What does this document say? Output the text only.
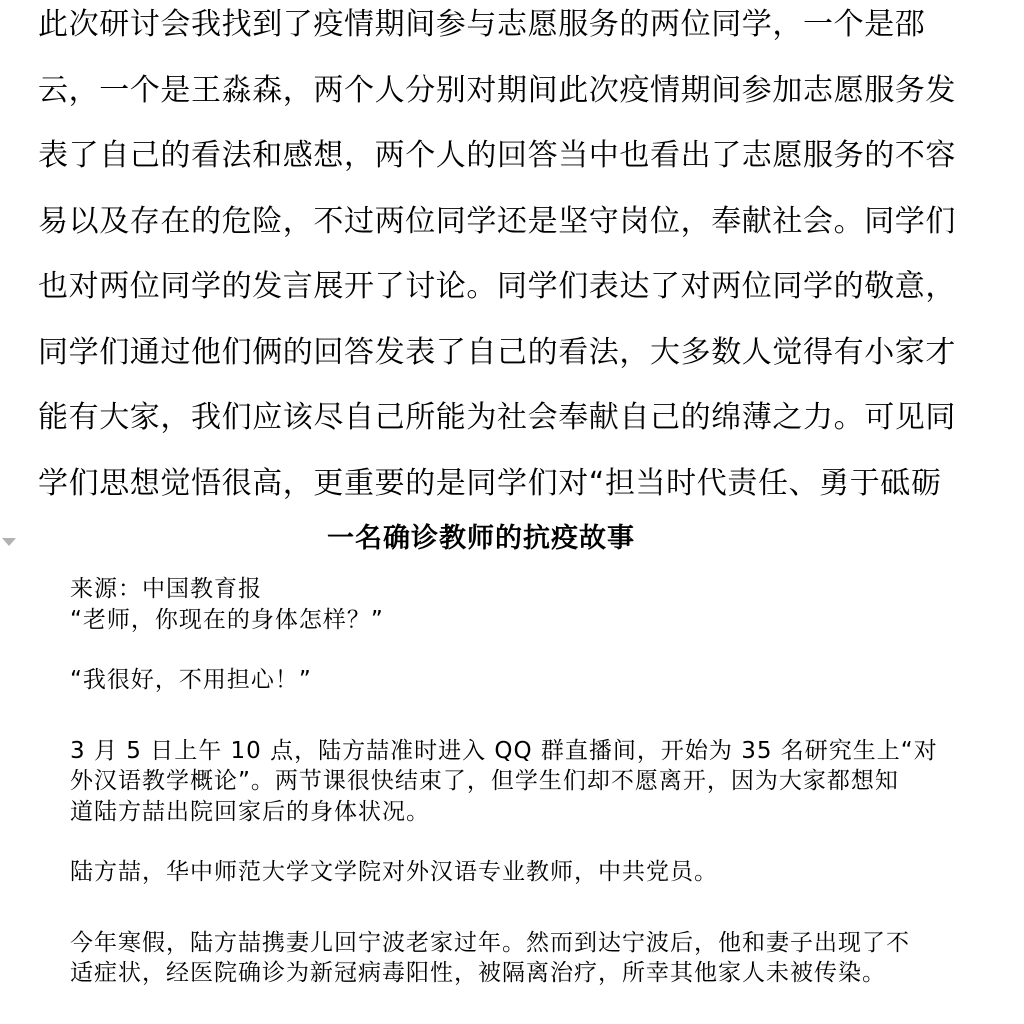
此次研讨会我找到了疫情期间参与志愿服务的两位同学，一个是邵
云，一个是王淼森，两个人分别对期间此次疫情期间参加志愿服务发
表了自己的看法和感想，两个人的回答当中也看出了志愿服务的不容
易以及存在的危险，不过两位同学还是坚守岗位，奉献社会。同学们
也对两位同学的发言展开了讨论。同学们表达了对两位同学的敬意，
同学们通过他们俩的回答发表了自己的看法，大多数人觉得有小家才
能有大家，我们应该尽自己所能为社会奉献自己的绵薄之力。可见同
学们思想觉悟很高，更重要的是同学们对“担当时代责任、勇于砥砺
一名确诊教师的抗疫故事
来源：中国教育报
“老师，你现在的身体怎样？”
“我很好，不用担心！”
3 月 5 日上午 10 点，陆方喆准时进入 QQ 群直播间，开始为 35 名研究生上“对
外汉语教学概论”。两节课很快结束了，但学生们却不愿离开，因为大家都想知
道陆方喆出院回家后的身体状况。
陆方喆，华中师范大学文学院对外汉语专业教师，中共党员。
今年寒假，陆方喆携妻儿回宁波老家过年。然而到达宁波后，他和妻子出现了不
适症状，经医院确诊为新冠病毒阳性，被隔离治疗，所幸其他家人未被传染。
